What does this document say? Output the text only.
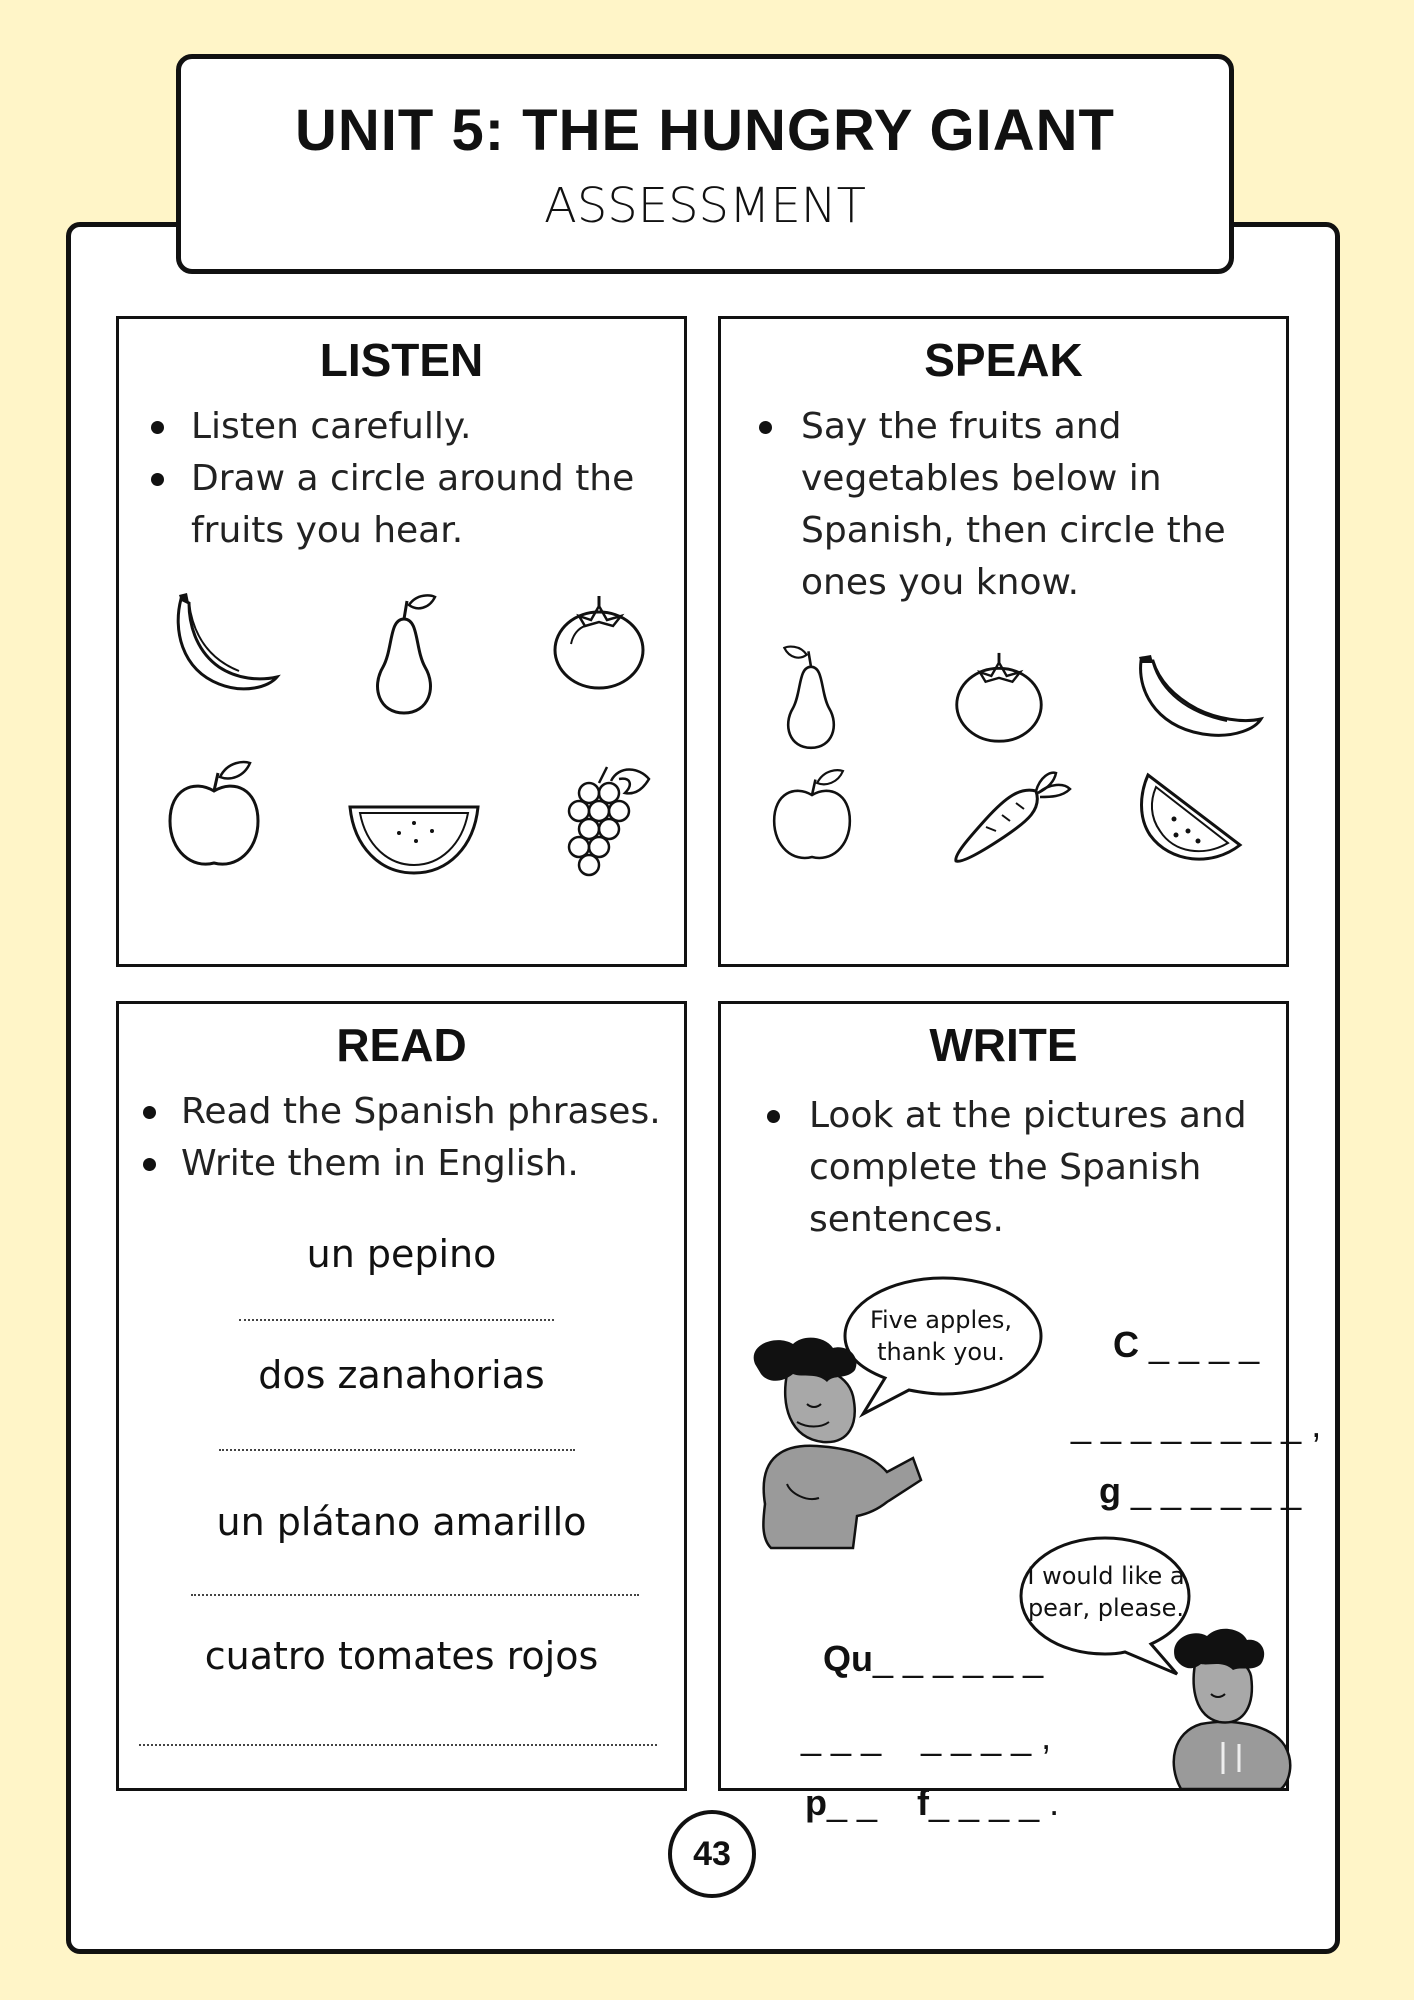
UNIT 5: THE HUNGRY GIANT
ASSESSMENT
LISTEN
Listen carefully.
Draw a circle around the fruits you hear.
SPEAK
Say the fruits and vegetables below in Spanish, then circle the ones you know.
READ
Read the Spanish phrases.
Write them in English.
un pepino
dos zanahorias
un plátano amarillo
cuatro tomates rojos
WRITE
Look at the pictures and complete the Spanish sentences.
Five apples,
thank you.	C _ _ _ _

_ _ _ _ _ _ _ _ ,

g _ _ _ _ _ _

I would like a
pear, please.

Qu_ _ _ _ _ _

_ _ _    _ _ _ _ ,

p_ _
	f_ _ _ _ .

43
